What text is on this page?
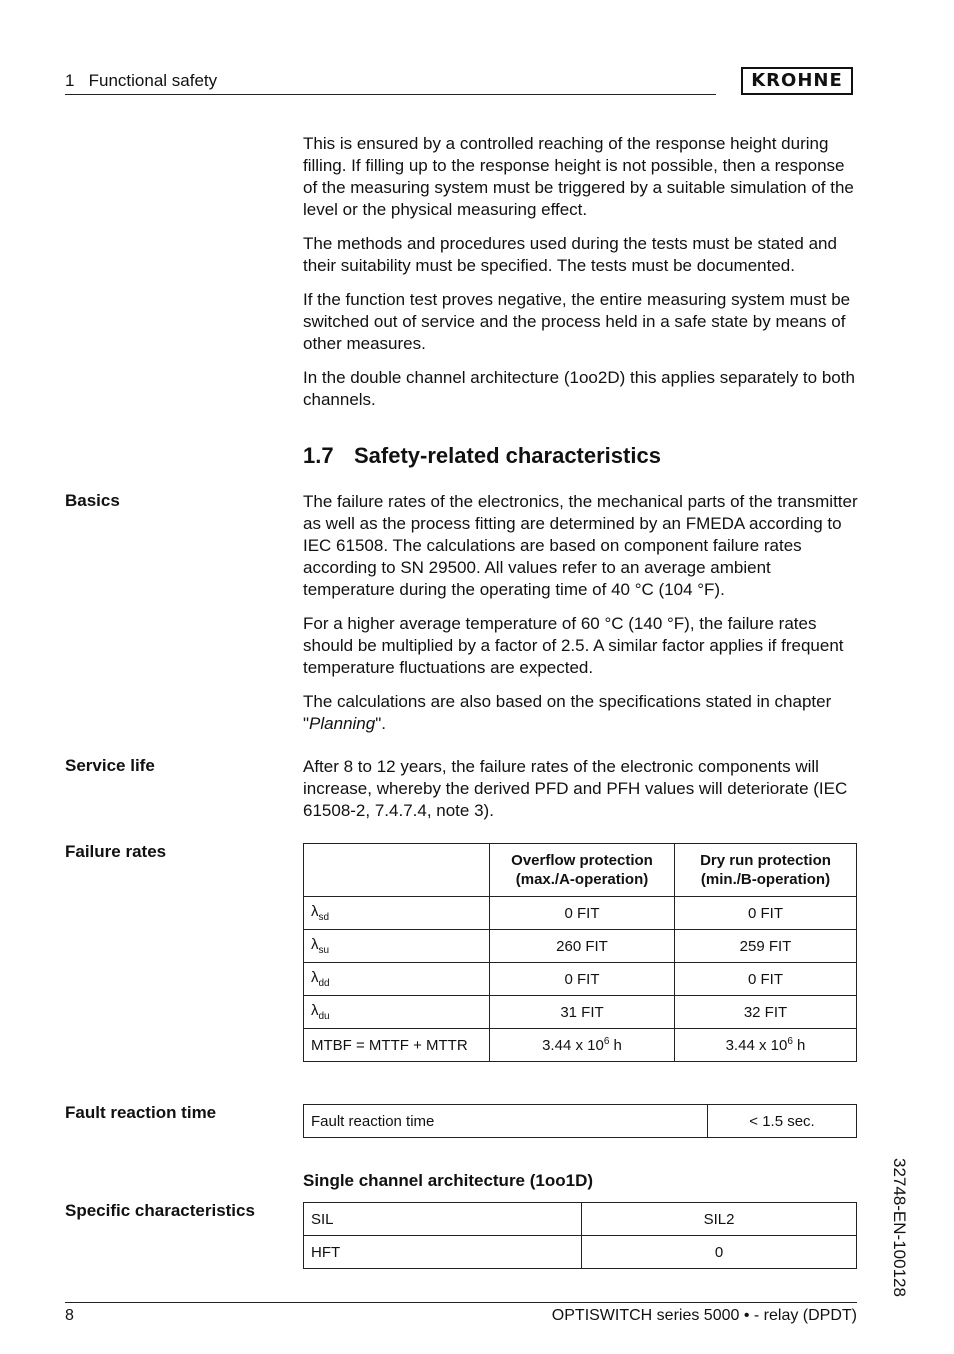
1   Functional safety	KROHNE

This is ensured by a controlled reaching of the response height during filling. If filling up to the response height is not possible, then a response of the measuring system must be triggered by a suitable simulation of the level or the physical measuring effect.

The methods and procedures used during the tests must be stated and their suitability must be specified. The tests must be documented.

If the function test proves negative, the entire measuring system must be switched out of service and the process held in a safe state by means of other measures.

In the double channel architecture (1oo2D) this applies separately to both channels.

1.7 Safety-related characteristics
Basics	The failure rates of the electronics, the mechanical parts of the transmitter as well as the process fitting are determined by an FMEDA according to IEC 61508. The calculations are based on component failure rates according to SN 29500. All values refer to an average ambient temperature during the operating time of 40 °C (104 °F).

For a higher average temperature of 60 °C (140 °F), the failure rates should be multiplied by a factor of 2.5. A similar factor applies if frequent temperature fluctuations are expected.

The calculations are also based on the specifications stated in chapter "Planning".

Service life	After 8 to 12 years, the failure rates of the electronic components will increase, whereby the derived PFD and PFH values will deteriorate (IEC 61508-2, 7.4.7.4, note 3).

Failure rates
		Overflow protection
(max./A-operation)	Dry run protection
(min./B-operation)
$\lambda_{sd}$	0 FIT	0 FIT
$\lambda_{su}$	260 FIT	259 FIT
$\lambda_{dd}$	0 FIT	0 FIT
$\lambda_{du}$	31 FIT	32 FIT
MTBF = MTTF + MTTR	3.44 x $10^6$ h	3.44 x $10^6$ h
Fault reaction time	Fault reaction time	< 1.5 sec.
Single channel architecture (1oo1D)
Specific characteristics	SIL	SIL2
HFT	0	32748-EN-100128
8	OPTISWITCH series 5000 • - relay (DPDT)
